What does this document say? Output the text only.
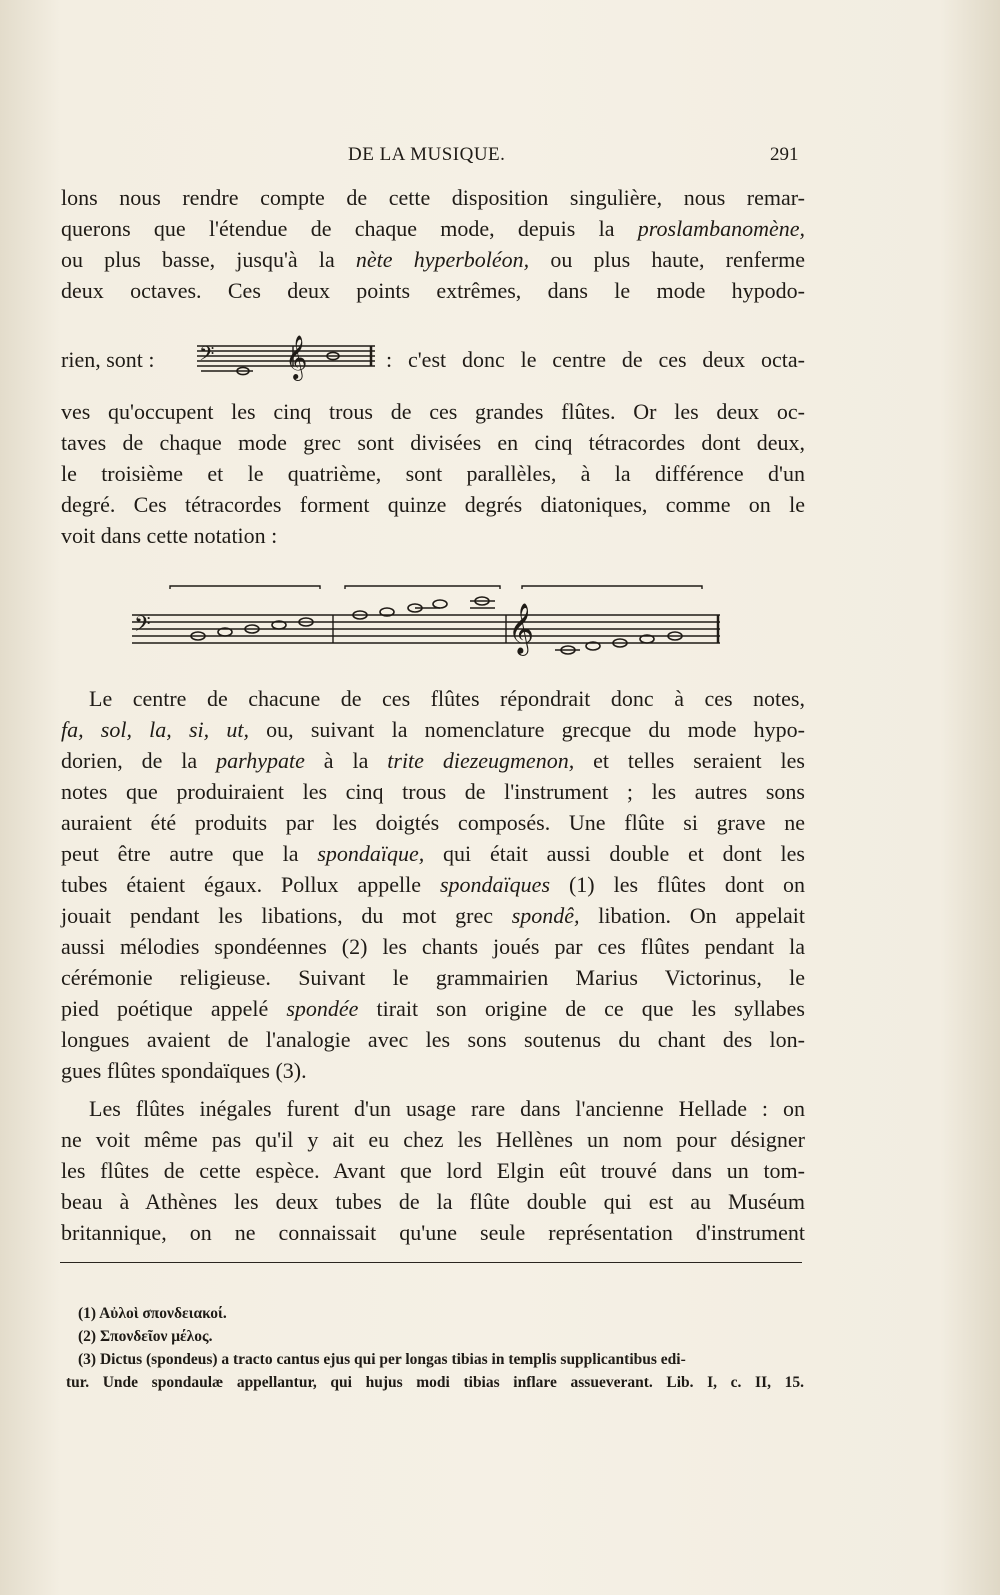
DE LA MUSIQUE.	291
lons nous rendre compte de cette disposition singulière, nous remar-
querons que l'étendue de chaque mode, depuis la proslambanomène,
ou plus basse, jusqu'à la nète hyperboléon, ou plus haute, renferme
deux octaves. Ces deux points extrêmes, dans le mode hypodo-
rien, sont : 𝄢 𝄞	: c'est donc le centre de ces deux octa-
ves qu'occupent les cinq trous de ces grandes flûtes. Or les deux oc-
taves de chaque mode grec sont divisées en cinq tétracordes dont deux,
le troisième et le quatrième, sont parallèles, à la différence d'un
degré. Ces tétracordes forment quinze degrés diatoniques, comme on le
voit dans cette notation :
𝄢	𝄞
Le centre de chacune de ces flûtes répondrait donc à ces notes,
fa, sol, la, si, ut, ou, suivant la nomenclature grecque du mode hypo-
dorien, de la parhypate à la trite diezeugmenon, et telles seraient les
notes que produiraient les cinq trous de l'instrument ; les autres sons
auraient été produits par les doigtés composés. Une flûte si grave ne
peut être autre que la spondaïque, qui était aussi double et dont les
tubes étaient égaux. Pollux appelle spondaïques (1) les flûtes dont on
jouait pendant les libations, du mot grec spondê, libation. On appelait
aussi mélodies spondéennes (2) les chants joués par ces flûtes pendant la
cérémonie religieuse. Suivant le grammairien Marius Victorinus, le
pied poétique appelé spondée tirait son origine de ce que les syllabes
longues avaient de l'analogie avec les sons soutenus du chant des lon-
gues flûtes spondaïques (3).
Les flûtes inégales furent d'un usage rare dans l'ancienne Hellade : on
ne voit même pas qu'il y ait eu chez les Hellènes un nom pour désigner
les flûtes de cette espèce. Avant que lord Elgin eût trouvé dans un tom-
beau à Athènes les deux tubes de la flûte double qui est au Muséum
britannique, on ne connaissait qu'une seule représentation d'instrument
(1) Αὐλοὶ σπονδειακοί.
(2) Σπονδεῖον μέλος.
(3) Dictus (spondeus) a tracto cantus ejus qui per longas tibias in templis supplicantibus edi-
tur. Unde spondaulæ appellantur, qui hujus modi tibias inflare assueverant. Lib. I, c. II, 15.
